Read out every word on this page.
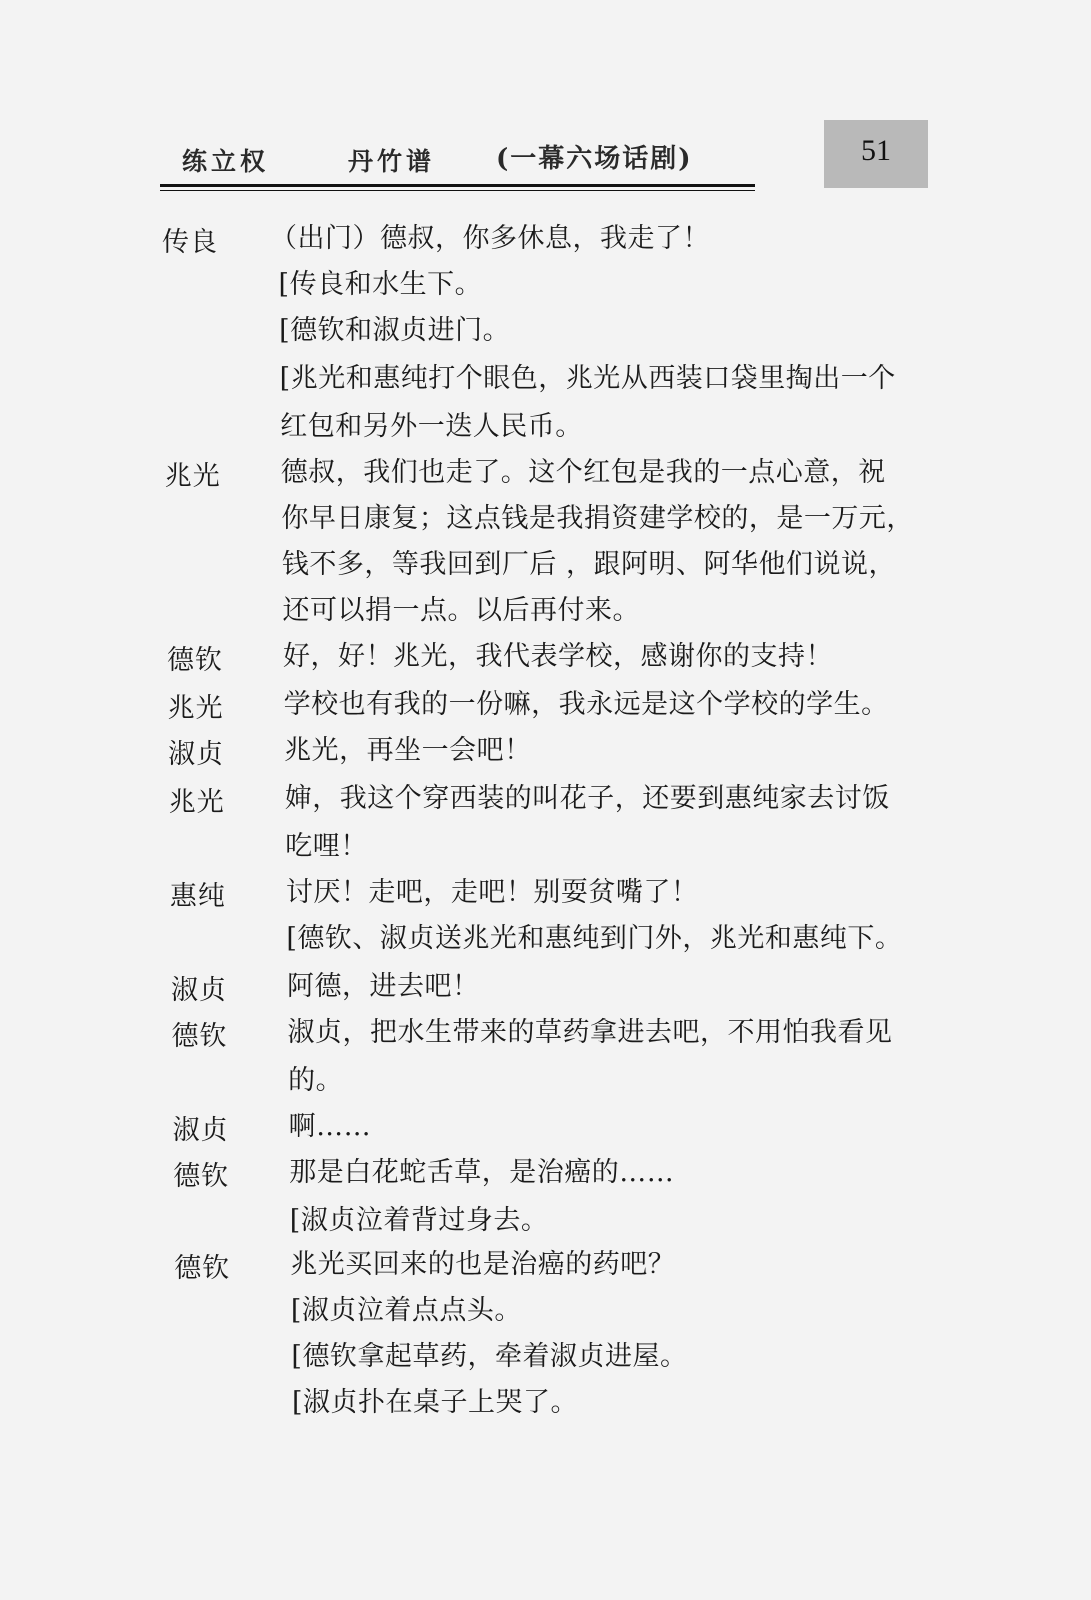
练立权	丹竹谱 (一幕六场话剧)	51
传良 （出门）德叔，你多休息，我走了！
[传良和水生下。
[德钦和淑贞进门。
[兆光和惠纯打个眼色，兆光从西装口袋里掏出一个
红包和另外一迭人民币。
兆光 德叔，我们也走了。这个红包是我的一点心意，祝
你早日康复；这点钱是我捐资建学校的，是一万元，
钱不多，等我回到厂后 ，跟阿明、阿华他们说说，
还可以捐一点。以后再付来。
德钦 好，好！兆光，我代表学校，感谢你的支持！
兆光 学校也有我的一份嘛，我永远是这个学校的学生。
淑贞 兆光，再坐一会吧！
兆光 婶，我这个穿西装的叫花子，还要到惠纯家去讨饭
吃哩！
惠纯 讨厌！走吧，走吧！别耍贫嘴了！
[德钦、淑贞送兆光和惠纯到门外，兆光和惠纯下。
淑贞 阿德，进去吧！
德钦 淑贞，把水生带来的草药拿进去吧，不用怕我看见
的。
淑贞 啊……
德钦 那是白花蛇舌草，是治癌的……
[淑贞泣着背过身去。
德钦 兆光买回来的也是治癌的药吧？
[淑贞泣着点点头。
[德钦拿起草药，牵着淑贞进屋。
[淑贞扑在桌子上哭了。
